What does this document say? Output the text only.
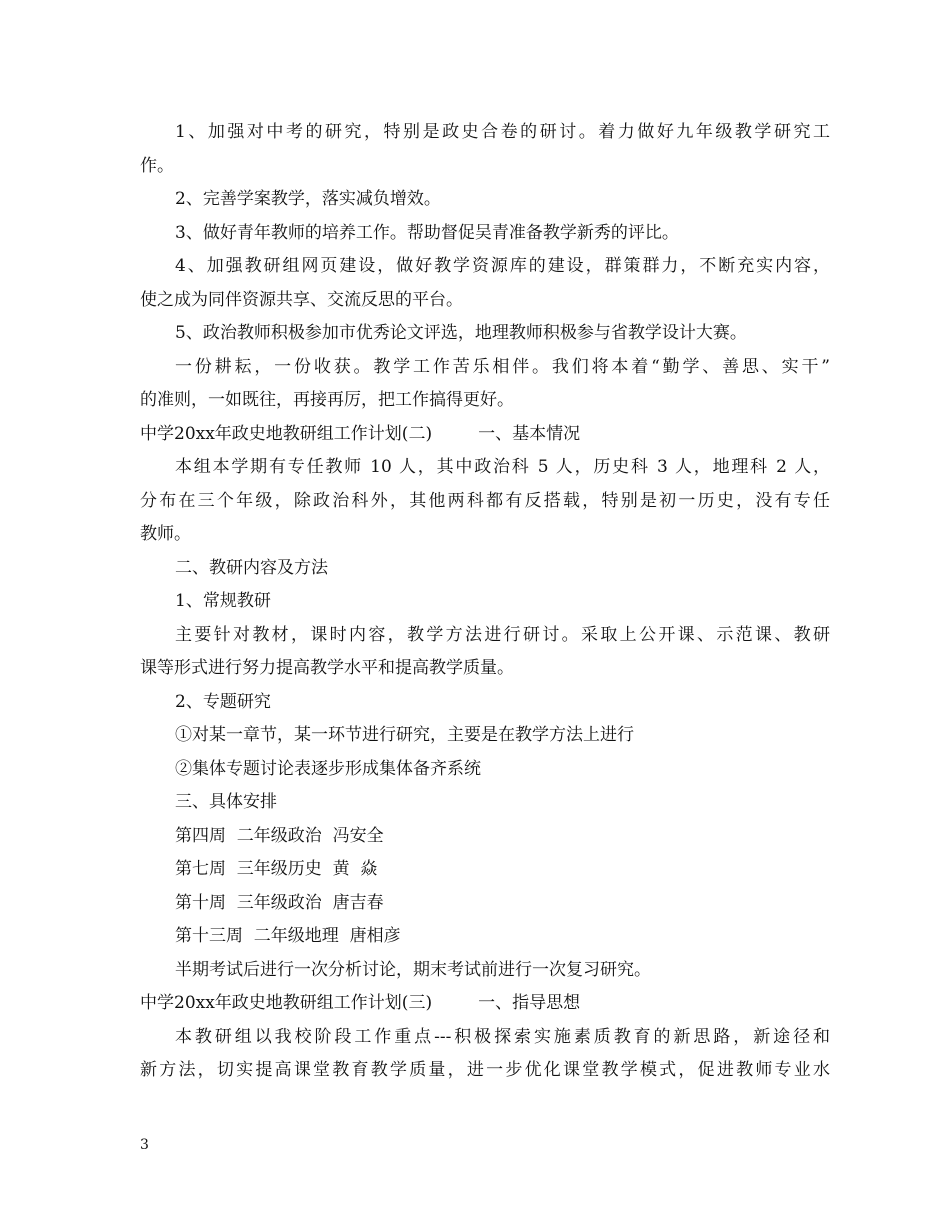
1、加强对中考的研究，特别是政史合卷的研讨。着力做好九年级教学研究工
作。
2、完善学案教学，落实减负增效。
3、做好青年教师的培养工作。帮助督促吴青准备教学新秀的评比。
4、加强教研组网页建设，做好教学资源库的建设，群策群力，不断充实内容，
使之成为同伴资源共享、交流反思的平台。
5、政治教师积极参加市优秀论文评选，地理教师积极参与省教学设计大赛。
一份耕耘，一份收获。教学工作苦乐相伴。我们将本着“勤学、善思、实干”
的准则，一如既往，再接再厉，把工作搞得更好。
中学20xx年政史地教研组工作计划(二)	一、基本情况
本组本学期有专任教师 10 人，其中政治科 5 人，历史科 3 人，地理科 2 人，
分布在三个年级，除政治科外，其他两科都有反搭载，特别是初一历史，没有专任
教师。
二、教研内容及方法
1、常规教研
主要针对教材，课时内容，教学方法进行研讨。采取上公开课、示范课、教研
课等形式进行努力提高教学水平和提高教学质量。
2、专题研究
①对某一章节，某一环节进行研究，主要是在教学方法上进行
②集体专题讨论表逐步形成集体备齐系统
三、具体安排
第四周  二年级政治  冯安全
第七周  三年级历史  黄  焱
第十周  三年级政治  唐吉春
第十三周  二年级地理  唐相彦
半期考试后进行一次分析讨论，期末考试前进行一次复习研究。
中学20xx年政史地教研组工作计划(三)	一、指导思想
本教研组以我校阶段工作重点---积极探索实施素质教育的新思路，新途径和
新方法，切实提高课堂教育教学质量，进一步优化课堂教学模式，促进教师专业水
3
